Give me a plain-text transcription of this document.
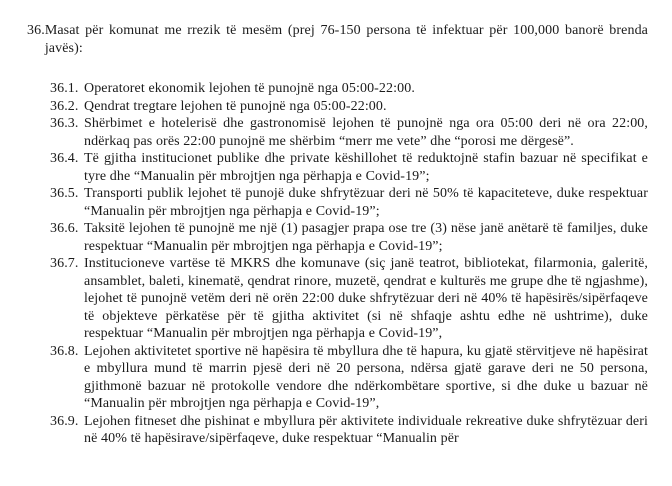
36. Masat për komunat me rrezik të mesëm (prej 76-150 persona të infektuar për 100,000 banorë brenda javës):
36.1. Operatoret ekonomik lejohen të punojnë nga 05:00-22:00.
36.2. Qendrat tregtare lejohen të punojnë nga 05:00-22:00.
36.3. Shërbimet e hotelerisë dhe gastronomisë lejohen të punojnë nga ora 05:00 deri në ora 22:00, ndërkaq pas orës 22:00 punojnë me shërbim “merr me vete” dhe “porosi me dërgesë”.
36.4. Të gjitha institucionet publike dhe private këshillohet të reduktojnë stafin bazuar në specifikat e tyre dhe “Manualin për mbrojtjen nga përhapja e Covid-19”;
36.5. Transporti publik lejohet të punojë duke shfrytëzuar deri në 50% të kapaciteteve, duke respektuar “Manualin për mbrojtjen nga përhapja e Covid-19”;
36.6. Taksitë lejohen të punojnë me një (1) pasagjer prapa ose tre (3) nëse janë anëtarë të familjes, duke respektuar “Manualin për mbrojtjen nga përhapja e Covid-19”;
36.7. Institucioneve vartëse të MKRS dhe komunave (siç janë teatrot, bibliotekat, filarmonia, galeritë, ansamblet, baleti, kinematë, qendrat rinore, muzetë, qendrat e kulturës me grupe dhe të ngjashme), lejohet të punojnë vetëm deri në orën 22:00 duke shfrytëzuar deri në 40% të hapësirës/sipërfaqeve të objekteve përkatëse për të gjitha aktivitet (si në shfaqje ashtu edhe në ushtrime), duke respektuar “Manualin për mbrojtjen nga përhapja e Covid-19”,
36.8. Lejohen aktivitetet sportive në hapësira të mbyllura dhe të hapura, ku gjatë stërvitjeve në hapësirat e mbyllura mund të marrin pjesë deri në 20 persona, ndërsa gjatë garave deri ne 50 persona, gjithmonë bazuar në protokolle vendore dhe ndërkombëtare sportive, si dhe duke u bazuar në “Manualin për mbrojtjen nga përhapja e Covid-19”,
36.9. Lejohen fitneset dhe pishinat e mbyllura për aktivitete individuale rekreative duke shfrytëzuar deri në 40% të hapësirave/sipërfaqeve, duke respektuar “Manualin për
